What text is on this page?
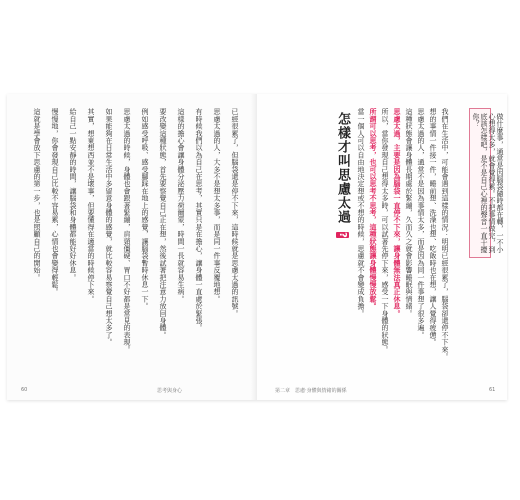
已經很累了，但腦袋還是停不下來，這時候就是思慮太過的訊號。
思慮太過的人，大多不是想太多事，而是同一件事反覆地想。
有時候我們以為自己在思考，其實只是在擔心，讓身體一直處於緊張。
這樣的擔心會讓身體分泌壓力荷爾蒙，時間一長就容易生病。
要改變這種狀態，首先要察覺自己正在想，然後試著把注意力放回身體。
例如感受呼吸、感受腳踩在地上的感覺，讓腦袋暫時休息一下。
思慮太過的時候，身體也會跟著緊繃，肩頸僵硬、胃口不好都是常見的表現。
如果能夠在日常生活中多留意身體的感覺，就比較容易察覺自己想太多了。
其實，想東想西並不是壞事，但要懂得在適當的時候停下來。
給自己一點安靜的時間，讓腦袋和身體都能好好休息。
慢慢地，你會發現自己比較不容易累，心情也會變得輕鬆。
這就是學會放下思慮的第一步，也是照顧自己的開始。
60	思考與身心
我們在生活中，可能會遇到這樣的情況：明明已經很累了，腦袋卻還停不下來。
想的事情一件接一件，睡前想、洗澡也想、吃飯時也在想，讓人覺得疲憊。
思慮太過的人，通常不是因為事情太多，而是因為同一件事想了很多遍。
這種狀態會讓身體長期處於緊繃，久而久之就會影響睡眠與情緒。
思慮太過，主要是因為腦袋一直停不下來，讓身體無法真正休息。
所以，當你發現自己想得太多時，可以試著先停下來，感受一下身體的狀態。
所謂可以思考，也可以思考不思考，這種狀態讓身體慢慢放鬆。
當一個人可以自由地決定想或不想的時候，思慮就不會變成負擔。
怎樣才叫思慮太過 ?
第二章　思慮‧身體與情緒的關係	61
做什麼事，通常是因腦袋隨時都在轉，一不小心想得太多，就會覺得累。不把事情做完，到底該怎樣吧，是不是自己心裡的聲音一直干擾你？
